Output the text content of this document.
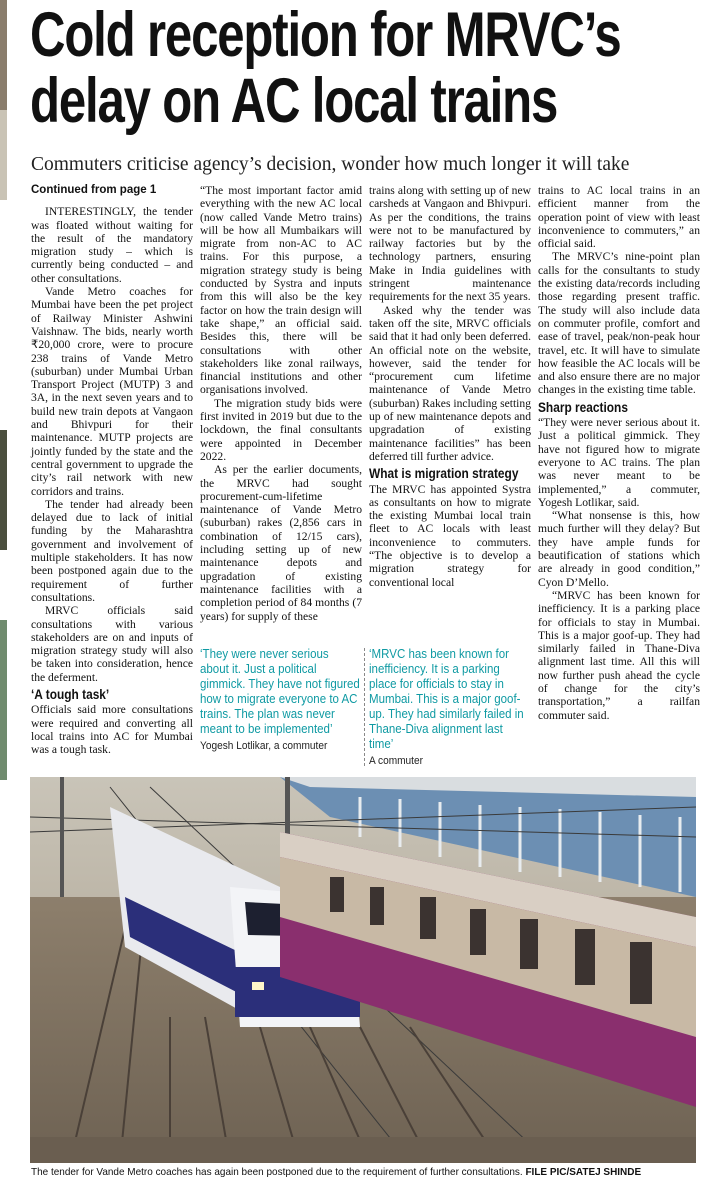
Cold reception for MRVC’s
delay on AC local trains
Commuters criticise agency’s decision, wonder how much longer it will take

Continued from page 1

INTERESTINGLY, the tender was floated without waiting for the result of the mandatory migration study – which is currently being conducted – and other consultations.

Vande Metro coaches for Mumbai have been the pet project of Railway Minister Ashwini Vaishnaw. The bids, nearly worth ₹20,000 crore, were to procure 238 trains of Vande Metro (suburban) under Mumbai Urban Transport Project (MUTP) 3 and 3A, in the next seven years and to build new train depots at Vangaon and Bhivpuri for their maintenance. MUTP projects are jointly funded by the state and the central government to upgrade the city’s rail network with new corridors and trains.

The tender had already been delayed due to lack of initial funding by the Maharashtra government and involvement of multiple stakeholders. It has now been postponed again due to the requirement of further consultations.

MRVC officials said consultations with various stakeholders are on and inputs of migration strategy study will also be taken into consideration, hence the deferment.

‘A tough task’

Officials said more consultations were required and converting all local trains into AC for Mumbai was a tough task.

“The most important factor amid everything with the new AC local (now called Vande Metro trains) will be how all Mumbaikars will migrate from non-AC to AC trains. For this purpose, a migration strategy study is being conducted by Systra and inputs from this will also be the key factor on how the train design will take shape,” an official said. Besides this, there will be consultations with other stakeholders like zonal railways, financial institutions and other organisations involved.

The migration study bids were first invited in 2019 but due to the lockdown, the final consultants were appointed in December 2022.

As per the earlier documents, the MRVC had sought procurement-cum-lifetime maintenance of Vande Metro (suburban) rakes (2,856 cars in combination of 12/15 cars), including setting up of new maintenance depots and upgradation of existing maintenance facilities with a completion period of 84 months (7 years) for supply of these

trains along with setting up of new carsheds at Vangaon and Bhivpuri. As per the conditions, the trains were not to be manufactured by railway factories but by the technology partners, ensuring Make in India guidelines with stringent maintenance requirements for the next 35 years.

Asked why the tender was taken off the site, MRVC officials said that it had only been deferred. An official note on the website, however, said the tender for “procurement cum lifetime maintenance of Vande Metro (suburban) Rakes including setting up of new maintenance depots and upgradation of existing maintenance facilities” has been deferred till further advice.

What is migration strategy

The MRVC has appointed Systra as consultants on how to migrate the existing Mumbai local train fleet to AC locals with least inconvenience to commuters. “The objective is to develop a migration strategy for conventional local

trains to AC local trains in an efficient manner from the operation point of view with least inconvenience to commuters,” an official said.

The MRVC’s nine-point plan calls for the consultants to study the existing data/records including those regarding present traffic. The study will also include data on commuter profile, comfort and ease of travel, peak/non-peak hour travel, etc. It will have to simulate how feasible the AC locals will be and also ensure there are no major changes in the existing time table.

Sharp reactions

“They were never serious about it. Just a political gimmick. They have not figured how to migrate everyone to AC trains. The plan was never meant to be implemented,” a commuter, Yogesh Lotlikar, said.

“What nonsense is this, how much further will they delay? But they have ample funds for beautification of stations which are already in good condition,” Cyon D’Mello.

“MRVC has been known for inefficiency. It is a parking place for officials to stay in Mumbai. This is a major goof-up. They had similarly failed in Thane-Diva alignment last time. All this will now further push ahead the cycle of change for the city’s transportation,” a railfan commuter said.

‘They were never serious about it. Just a political gimmick. They have not figured how to migrate everyone to AC trains. The plan was never meant to be implemented’
Yogesh Lotlikar, a commuter
‘MRVC has been known for inefficiency. It is a parking place for officials to stay in Mumbai. This is a major goof-up. They had similarly failed in Thane-Diva alignment last time’
A commuter
The tender for Vande Metro coaches has again been postponed due to the requirement of further consultations. FILE PIC/SATEJ SHINDE
